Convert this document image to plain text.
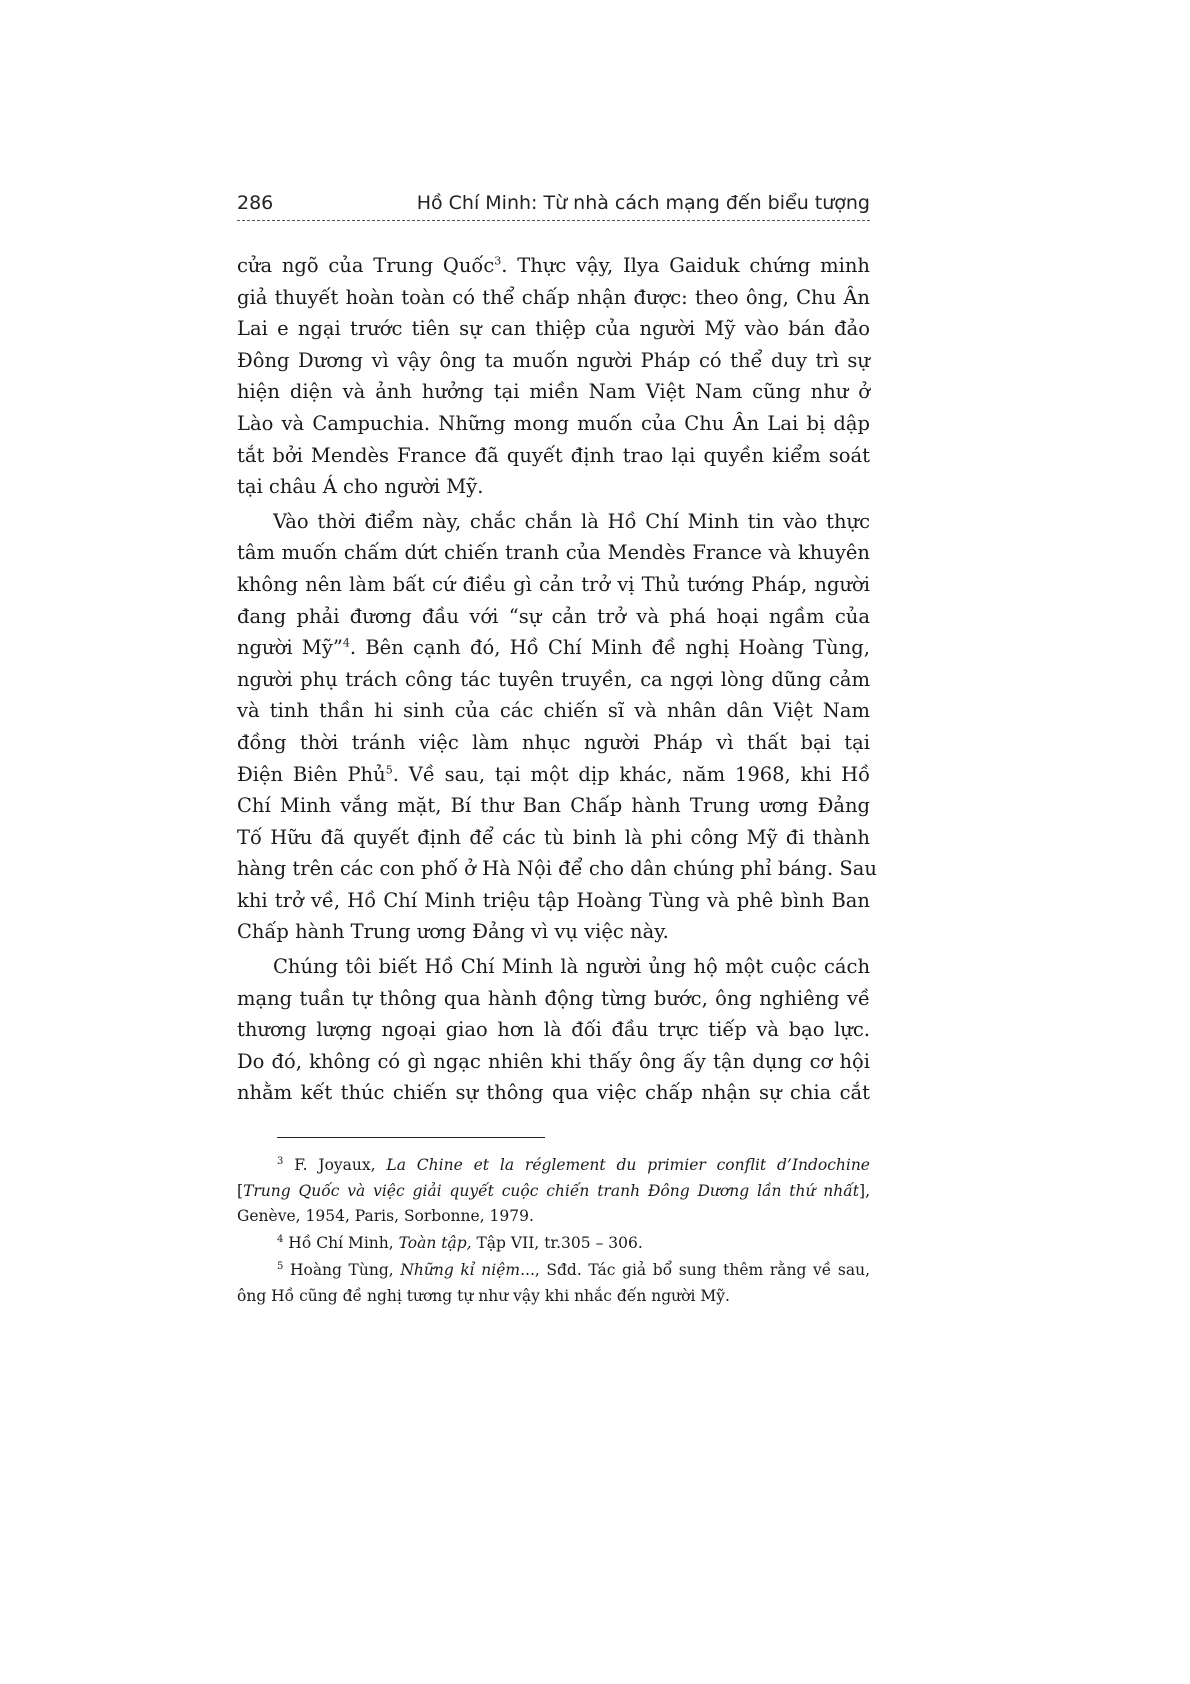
286	Hồ Chí Minh: Từ nhà cách mạng đến biểu tượng
cửa ngõ của Trung Quốc$^3$. Thực vậy, Ilya Gaiduk chứng minh
giả thuyết hoàn toàn có thể chấp nhận được: theo ông, Chu Ân
Lai e ngại trước tiên sự can thiệp của người Mỹ vào bán đảo
Đông Dương vì vậy ông ta muốn người Pháp có thể duy trì sự
hiện diện và ảnh hưởng tại miền Nam Việt Nam cũng như ở
Lào và Campuchia. Những mong muốn của Chu Ân Lai bị dập
tắt bởi Mendès France đã quyết định trao lại quyền kiểm soát
tại châu Á cho người Mỹ.
Vào thời điểm này, chắc chắn là Hồ Chí Minh tin vào thực
tâm muốn chấm dứt chiến tranh của Mendès France và khuyên
không nên làm bất cứ điều gì cản trở vị Thủ tướng Pháp, người
đang phải đương đầu với “sự cản trở và phá hoại ngầm của
người Mỹ”$^4$. Bên cạnh đó, Hồ Chí Minh đề nghị Hoàng Tùng,
người phụ trách công tác tuyên truyền, ca ngợi lòng dũng cảm
và tinh thần hi sinh của các chiến sĩ và nhân dân Việt Nam
đồng thời tránh việc làm nhục người Pháp vì thất bại tại
Điện Biên Phủ$^5$. Về sau, tại một dịp khác, năm 1968, khi Hồ
Chí Minh vắng mặt, Bí thư Ban Chấp hành Trung ương Đảng
Tố Hữu đã quyết định để các tù binh là phi công Mỹ đi thành
hàng trên các con phố ở Hà Nội để cho dân chúng phỉ báng. Sau
khi trở về, Hồ Chí Minh triệu tập Hoàng Tùng và phê bình Ban
Chấp hành Trung ương Đảng vì vụ việc này.
Chúng tôi biết Hồ Chí Minh là người ủng hộ một cuộc cách
mạng tuần tự thông qua hành động từng bước, ông nghiêng về
thương lượng ngoại giao hơn là đối đầu trực tiếp và bạo lực.
Do đó, không có gì ngạc nhiên khi thấy ông ấy tận dụng cơ hội
nhằm kết thúc chiến sự thông qua việc chấp nhận sự chia cắt
$^3$ F. Joyaux, La Chine et la réglement du primier conflit d’Indochine
[Trung Quốc và việc giải quyết cuộc chiến tranh Đông Dương lần thứ nhất],
Genève, 1954, Paris, Sorbonne, 1979.
$^4$ Hồ Chí Minh, Toàn tập, Tập VII, tr.305 – 306.
$^5$ Hoàng Tùng, Những kỉ niệm..., Sđd. Tác giả bổ sung thêm rằng về sau,
ông Hồ cũng đề nghị tương tự như vậy khi nhắc đến người Mỹ.
